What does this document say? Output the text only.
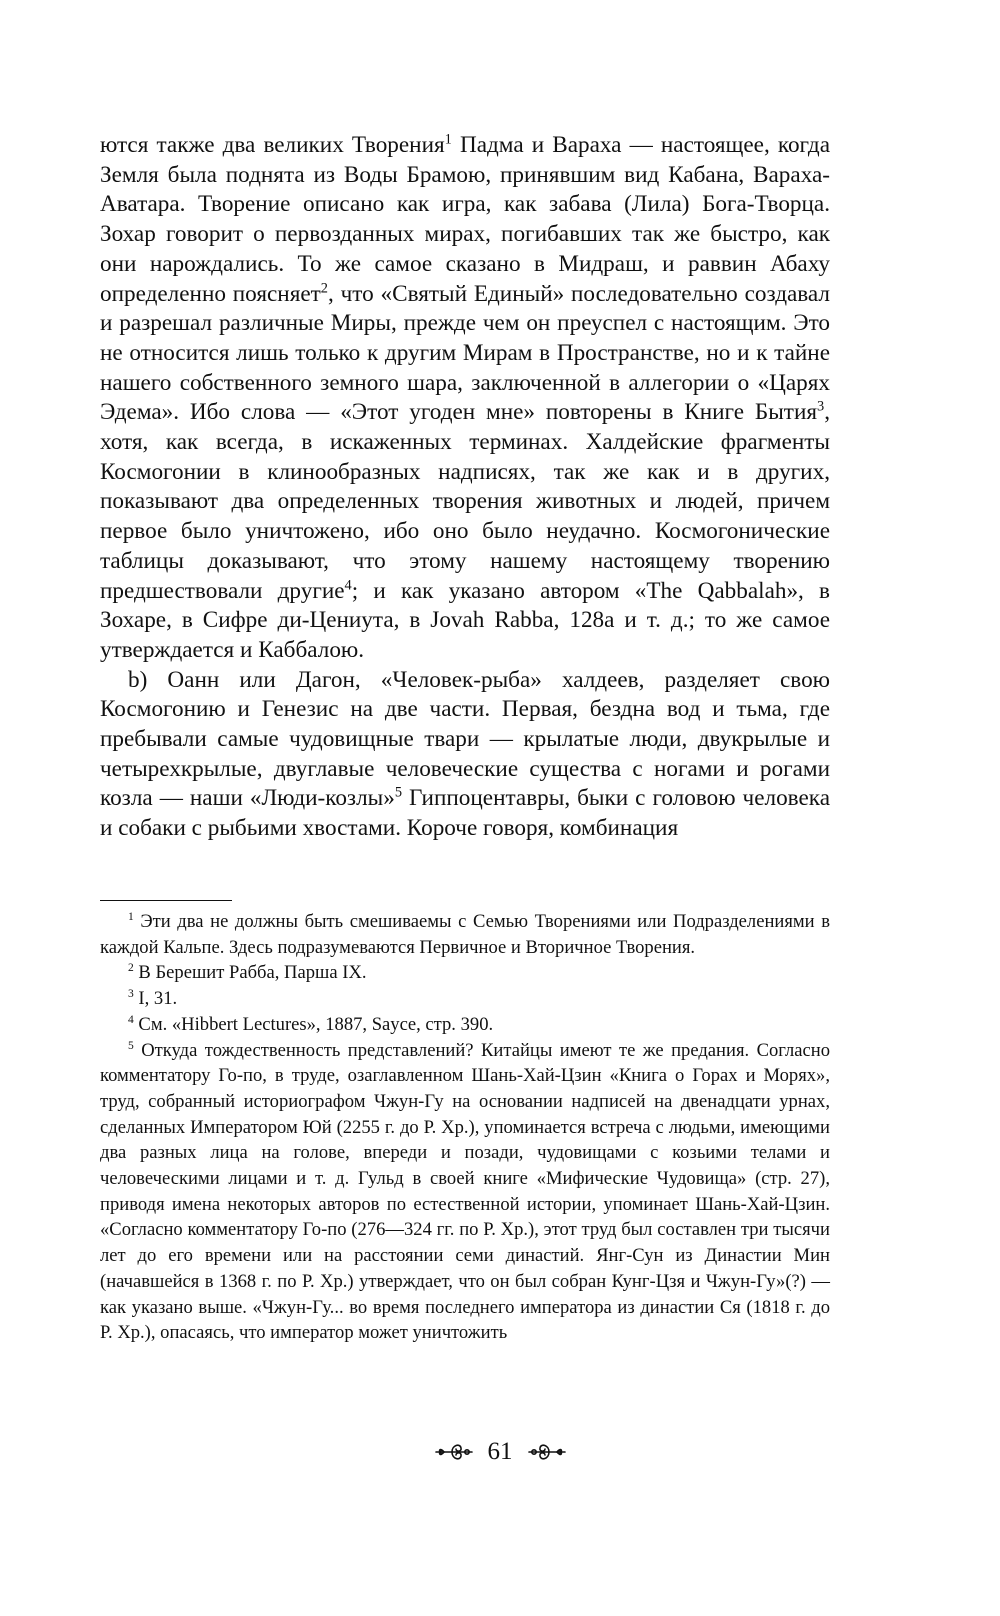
ются также два великих Творения$^1$ Падма и Вараха — настоящее, когда Земля была поднята из Воды Брамою, принявшим вид Кабана, Вараха-Аватара. Творение описано как игра, как забава (Лила) Бога-Творца. Зохар говорит о первозданных мирах, погибавших так же быстро, как они нарождались. То же самое сказано в Мидраш, и раввин Абаху определенно поясняет$^2$, что «Святый Единый» последовательно создавал и разрешал различные Миры, прежде чем он преуспел с настоящим. Это не относится лишь только к другим Мирам в Пространстве, но и к тайне нашего собственного земного шара, заключенной в аллегории о «Царях Эдема». Ибо слова — «Этот угоден мне» повторены в Книге Бытия$^3$, хотя, как всегда, в искаженных терминах. Халдейские фрагменты Космогонии в клинообразных надписях, так же как и в других, показывают два определенных творения животных и людей, причем первое было уничтожено, ибо оно было неудачно. Космогонические таблицы доказывают, что этому нашему настоящему творению предшествовали другие$^4$; и как указано автором «The Qabbalah», в Зохаре, в Сифре ди-Цениута, в Jovah Rabba, 128a и т. д.; то же самое утверждается и Каббалою.

b) Оанн или Дагон, «Человек-рыба» халдеев, разделяет свою Космогонию и Генезис на две части. Первая, бездна вод и тьма, где пребывали самые чудовищные твари — крылатые люди, двукрылые и четырехкрылые, двуглавые человеческие существа с ногами и рогами козла — наши «Люди-козлы»$^5$ Гиппоцентавры, быки с головою человека и собаки с рыбьими хвостами. Короче говоря, комбинация

$^1$ Эти два не должны быть смешиваемы с Семью Творениями или Подразделениями в каждой Кальпе. Здесь подразумеваются Первичное и Вторичное Творения.

$^2$ В Берешит Рабба, Парша IX.

$^3$ I, 31.

$^4$ См. «Hibbert Lectures», 1887, Sayce, стр. 390.

$^5$ Откуда тождественность представлений? Китайцы имеют те же предания. Согласно комментатору Го-по, в труде, озаглавленном Шань-Хай-Цзин «Книга о Горах и Морях», труд, собранный историографом Чжун-Гу на основании надписей на двенадцати урнах, сделанных Императором Юй (2255 г. до Р. Хр.), упоминается встреча с людьми, имеющими два разных лица на голове, впереди и позади, чудовищами с козьими телами и человеческими лицами и т. д. Гульд в своей книге «Мифические Чудовища» (стр. 27), приводя имена некоторых авторов по естественной истории, упоминает Шань-Хай-Цзин. «Согласно комментатору Го-по (276—324 гг. по Р. Хр.), этот труд был составлен три тысячи лет до его времени или на расстоянии семи династий. Янг-Сун из Династии Мин (начавшейся в 1368 г. по Р. Хр.) утверждает, что он был собран Кунг-Цзя и Чжун-Гу»(?) — как указано выше. «Чжун-Гу... во время последнего императора из династии Ся (1818 г. до Р. Хр.), опасаясь, что император может уничтожить

61
